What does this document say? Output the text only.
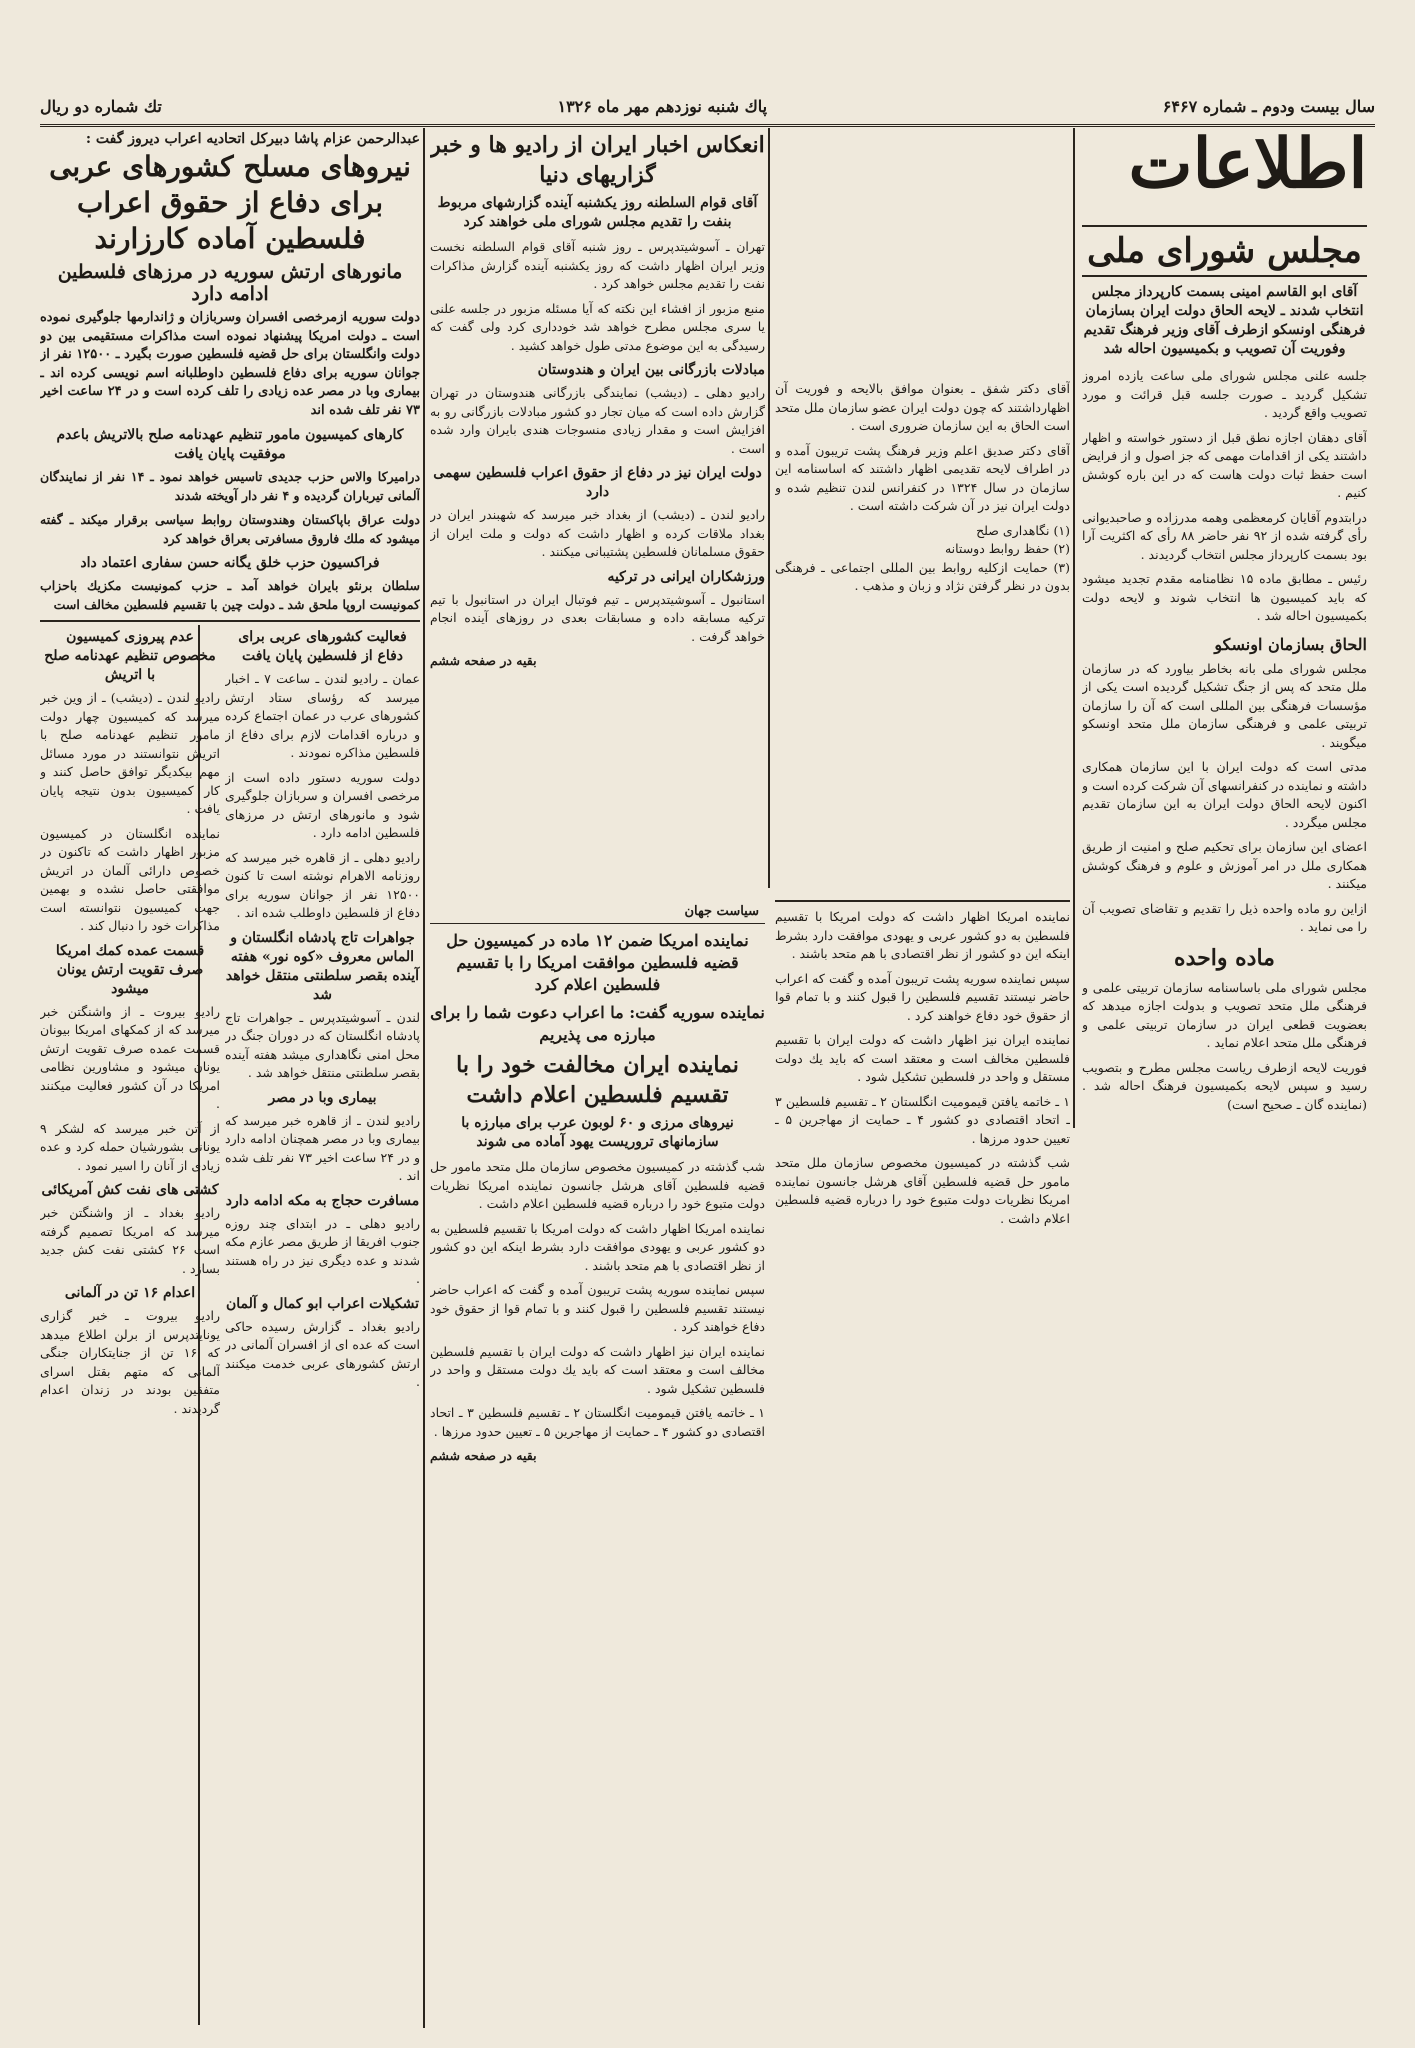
سال بيست ودوم ـ شماره ۶۴۶۷
پاك شنبه نوزدهم مهر ماه ۱۳۲۶
تك شماره دو ريال
اطلاعات
مجلس شوراى ملى
آقاى ابو القاسم امينى بسمت كارپرداز مجلس انتخاب شدند ـ لايحه الحاق دولت ايران بسازمان فرهنگى اونسكو ازطرف آقاى وزير فرهنگ تقديم وفوريت آن تصويب و بكميسيون احاله شد

جلسه علنى مجلس شوراى ملى ساعت يازده امروز تشكيل گرديد ـ صورت جلسه قبل قرائت و مورد تصويب واقع گرديد .

آقاى دهقان اجازه نطق قبل از دستور خواسته و اظهار داشتند يكى از اقدامات مهمى كه جز اصول و از فرايض است حفظ ثبات دولت هاست كه در اين باره كوشش كنيم .

درابتدوم آقايان كرمعظمى وهمه مدرزاده و صاحبديوانى رأى گرفته شده از ۹۲ نفر حاضر ۸۸ رأى كه اكثريت آرا بود بسمت كارپرداز مجلس انتخاب گرديدند .

رئيس ـ مطابق ماده ۱۵ نظامنامه مقدم تجديد ميشود كه بايد كميسيون ها انتخاب شوند و لايحه دولت بكميسيون احاله شد .

الحاق بسازمان اونسكو

مجلس شوراى ملى بانه بخاطر بياورد كه در سازمان ملل متحد كه پس از جنگ تشكيل گرديده است يكى از مؤسسات فرهنگى بين المللى است كه آن را سازمان تربيتى علمى و فرهنگى سازمان ملل متحد اونسكو ميگويند .

مدتى است كه دولت ايران با اين سازمان همكارى داشته و نماينده در كنفرانسهاى آن شركت كرده است و اكنون لايحه الحاق دولت ايران به اين سازمان تقديم مجلس ميگردد .

اعضاى اين سازمان براى تحكيم صلح و امنيت از طريق همكارى ملل در امر آموزش و علوم و فرهنگ كوشش ميكنند .

ازاين رو ماده واحده ذيل را تقديم و تقاضاى تصويب آن را مى نمايد .

ماده واحده

مجلس شوراى ملى باساسنامه سازمان تربيتى علمى و فرهنگى ملل متحد تصويب و بدولت اجازه ميدهد كه بعضويت قطعى ايران در سازمان تربيتى علمى و فرهنگى ملل متحد اعلام نمايد .

فوريت لايحه ازطرف رياست مجلس مطرح و بتصويب رسيد و سپس لايحه بكميسيون فرهنگ احاله شد . (نماينده گان ـ صحيح است)

آقاى دكتر شفق ـ بعنوان موافق بالايحه و فوريت آن اظهارداشتند كه چون دولت ايران عضو سازمان ملل متحد است الحاق به اين سازمان ضرورى است .

آقاى دكتر صديق اعلم وزير فرهنگ پشت تريبون آمده و در اطراف لايحه تقديمى اظهار داشتند كه اساسنامه اين سازمان در سال ۱۳۲۴ در كنفرانس لندن تنظيم شده و دولت ايران نيز در آن شركت داشته است .

(۱) نگاهدارى صلح

(۲) حفظ روابط دوستانه

(۳) حمايت ازكليه روابط بين المللى اجتماعى ـ فرهنگى بدون در نظر گرفتن نژاد و زبان و مذهب .

انعكاس اخبار ايران از راديو ها و خبر گزاريهاى دنيا
آقاى قوام السلطنه روز يكشنبه آينده گزارشهاى مربوط بنفت را تقديم مجلس شوراى ملى خواهند كرد

تهران ـ آسوشيتدپرس ـ روز شنبه آقاى قوام السلطنه نخست وزير ايران اظهار داشت كه روز يكشنبه آينده گزارش مذاكرات نفت را تقديم مجلس خواهد كرد .

منبع مزبور از افشاء اين نكته كه آيا مسئله مزبور در جلسه علنى يا سرى مجلس مطرح خواهد شد خوددارى كرد ولى گفت كه رسيدگى به اين موضوع مدتى طول خواهد كشيد .

مبادلات بازرگانى بين ايران و هندوستان

راديو دهلى ـ (ديشب) نمايندگى بازرگانى هندوستان در تهران گزارش داده است كه ميان تجار دو كشور مبادلات بازرگانى رو به افزايش است و مقدار زيادى منسوجات هندى بايران وارد شده است .

دولت ايران نيز در دفاع از حقوق اعراب فلسطين سهمى دارد

راديو لندن ـ (ديشب) از بغداد خبر ميرسد كه شهبندر ايران در بغداد ملاقات كرده و اظهار داشت كه دولت و ملت ايران از حقوق مسلمانان فلسطين پشتيبانى ميكنند .

ورزشكاران ايرانى در تركيه

استانبول ـ آسوشيتدپرس ـ تيم فوتبال ايران در استانبول با تيم تركيه مسابقه داده و مسابقات بعدى در روزهاى آينده انجام خواهد گرفت .

بقيه در صفحه ششم
عبدالرحمن عزام پاشا دبيركل اتحاديه اعراب ديروز گفت :
نيروهاى مسلح كشورهاى عربى براى دفاع از حقوق اعراب فلسطين آماده كارزارند
مانورهاى ارتش سوريه در مرزهاى فلسطين ادامه دارد

دولت سوريه ازمرخصى افسران وسربازان و ژاندارمها جلوگيرى نموده است ـ دولت امريكا پيشنهاد نموده است مذاكرات مستقيمى بين دو دولت وانگلستان براى حل قضيه فلسطين صورت بگيرد ـ ۱۲۵۰۰ نفر از جوانان سوريه براى دفاع فلسطين داوطلبانه اسم نويسى كرده اند ـ بيمارى وبا در مصر عده زيادى را تلف كرده است و در ۲۴ ساعت اخير ۷۳ نفر تلف شده اند

كارهاى كميسيون مامور تنظيم عهدنامه صلح بالاتريش باعدم موفقيت پايان يافت

دراميركا والاس حزب جديدى تاسيس خواهد نمود ـ ۱۴ نفر از نمايندگان آلمانى تيرباران گرديده و ۴ نفر دار آويخته شدند

دولت عراق باپاكستان وهندوستان روابط سياسى برقرار ميكند ـ گفته ميشود كه ملك فاروق مسافرتى بعراق خواهد كرد

فراكسيون حزب خلق يگانه حسن سفارى اعتماد داد

سلطان برنئو بايران خواهد آمد ـ حزب كمونيست مكزيك باحزاب كمونيست اروپا ملحق شد ـ دولت چين با تقسيم فلسطين مخالف است

عدم پيروزى كميسيون مخصوص تنظيم عهدنامه صلح با اتريش

راديو لندن ـ (ديشب) ـ از وين خبر ميرسد كه كميسيون چهار دولت مامور تنظيم عهدنامه صلح با اتريش نتوانستند در مورد مسائل مهم بيكديگر توافق حاصل كنند و كار كميسيون بدون نتيجه پايان يافت .

نماينده انگلستان در كميسيون مزبور اظهار داشت كه تاكنون در خصوص دارائى آلمان در اتريش موافقتى حاصل نشده و بهمين جهت كميسيون نتوانسته است مذاكرات خود را دنبال كند .

قسمت عمده كمك امريكا صرف تقويت ارتش يونان ميشود

راديو بيروت ـ از واشنگتن خبر ميرسد كه از كمكهاى امريكا بيونان قسمت عمده صرف تقويت ارتش يونان ميشود و مشاورين نظامى امريكا در آن كشور فعاليت ميكنند .

از آتن خبر ميرسد كه لشكر ۹ يونانى بشورشيان حمله كرد و عده زيادى از آنان را اسير نمود .

كشتى هاى نفت كش آمريكائى

راديو بغداد ـ از واشنگتن خبر ميرسد كه امريكا تصميم گرفته است ۲۶ كشتى نفت كش جديد بسازد .

اعدام ۱۶ تن در آلمانى

راديو بيروت ـ خبر گزارى يونايتدپرس از برلن اطلاع ميدهد كه ۱۶ تن از جنايتكاران جنگى آلمانى كه متهم بقتل اسراى متفقين بودند در زندان اعدام گرديدند .

فعاليت كشورهاى عربى براى دفاع از فلسطين پايان يافت

عمان ـ راديو لندن ـ ساعت ۷ ـ اخبار ميرسد كه رؤساى ستاد ارتش كشورهاى عرب در عمان اجتماع كرده و درباره اقدامات لازم براى دفاع از فلسطين مذاكره نمودند .

دولت سوريه دستور داده است از مرخصى افسران و سربازان جلوگيرى شود و مانورهاى ارتش در مرزهاى فلسطين ادامه دارد .

راديو دهلى ـ از قاهره خبر ميرسد كه روزنامه الاهرام نوشته است تا كنون ۱۲۵۰۰ نفر از جوانان سوريه براى دفاع از فلسطين داوطلب شده اند .

جواهرات تاج پادشاه انگلستان و الماس معروف «كوه نور» هفته آينده بقصر سلطنتى منتقل خواهد شد

لندن ـ آسوشيتدپرس ـ جواهرات تاج پادشاه انگلستان كه در دوران جنگ در محل امنى نگاهدارى ميشد هفته آينده بقصر سلطنتى منتقل خواهد شد .

بيمارى وبا در مصر

راديو لندن ـ از قاهره خبر ميرسد كه بيمارى وبا در مصر همچنان ادامه دارد و در ۲۴ ساعت اخير ۷۳ نفر تلف شده اند .

مسافرت حجاج به مكه ادامه دارد

راديو دهلى ـ در ابتداى چند روزه جنوب افريقا از طريق مصر عازم مكه شدند و عده ديگرى نيز در راه هستند .

تشكيلات اعراب ابو كمال و آلمان

راديو بغداد ـ گزارش رسيده حاكى است كه عده اى از افسران آلمانى در ارتش كشورهاى عربى خدمت ميكنند .

سياست جهان
نماينده امريكا ضمن ۱۲ ماده در كميسيون حل قضيه فلسطين موافقت امريكا را با تقسيم فلسطين اعلام كرد
نماينده سوريه گفت: ما اعراب دعوت شما را براى مبارزه مى پذيريم
نماينده ايران مخالفت خود را با تقسيم فلسطين اعلام داشت
نيروهاى مرزى و ۶۰ لوبون عرب براى مبارزه با سازمانهاى تروريست يهود آماده مى شوند

شب گذشته در كميسيون مخصوص سازمان ملل متحد مامور حل قضيه فلسطين آقاى هرشل جانسون نماينده امريكا نظريات دولت متبوع خود را درباره قضيه فلسطين اعلام داشت .

نماينده امريكا اظهار داشت كه دولت امريكا با تقسيم فلسطين به دو كشور عربى و يهودى موافقت دارد بشرط اينكه اين دو كشور از نظر اقتصادى با هم متحد باشند .

سپس نماينده سوريه پشت تريبون آمده و گفت كه اعراب حاضر نيستند تقسيم فلسطين را قبول كنند و با تمام قوا از حقوق خود دفاع خواهند كرد .

نماينده ايران نيز اظهار داشت كه دولت ايران با تقسيم فلسطين مخالف است و معتقد است كه بايد يك دولت مستقل و واحد در فلسطين تشكيل شود .

۱ ـ خاتمه يافتن قيموميت انگلستان ۲ ـ تقسيم فلسطين ۳ ـ اتحاد اقتصادى دو كشور ۴ ـ حمايت از مهاجرين ۵ ـ تعيين حدود مرزها .

بقيه در صفحه ششم

نماينده امريكا اظهار داشت كه دولت امريكا با تقسيم فلسطين به دو كشور عربى و يهودى موافقت دارد بشرط اينكه اين دو كشور از نظر اقتصادى با هم متحد باشند .

سپس نماينده سوريه پشت تريبون آمده و گفت كه اعراب حاضر نيستند تقسيم فلسطين را قبول كنند و با تمام قوا از حقوق خود دفاع خواهند كرد .

نماينده ايران نيز اظهار داشت كه دولت ايران با تقسيم فلسطين مخالف است و معتقد است كه بايد يك دولت مستقل و واحد در فلسطين تشكيل شود .

۱ ـ خاتمه يافتن قيموميت انگلستان ۲ ـ تقسيم فلسطين ۳ ـ اتحاد اقتصادى دو كشور ۴ ـ حمايت از مهاجرين ۵ ـ تعيين حدود مرزها .

شب گذشته در كميسيون مخصوص سازمان ملل متحد مامور حل قضيه فلسطين آقاى هرشل جانسون نماينده امريكا نظريات دولت متبوع خود را درباره قضيه فلسطين اعلام داشت .
